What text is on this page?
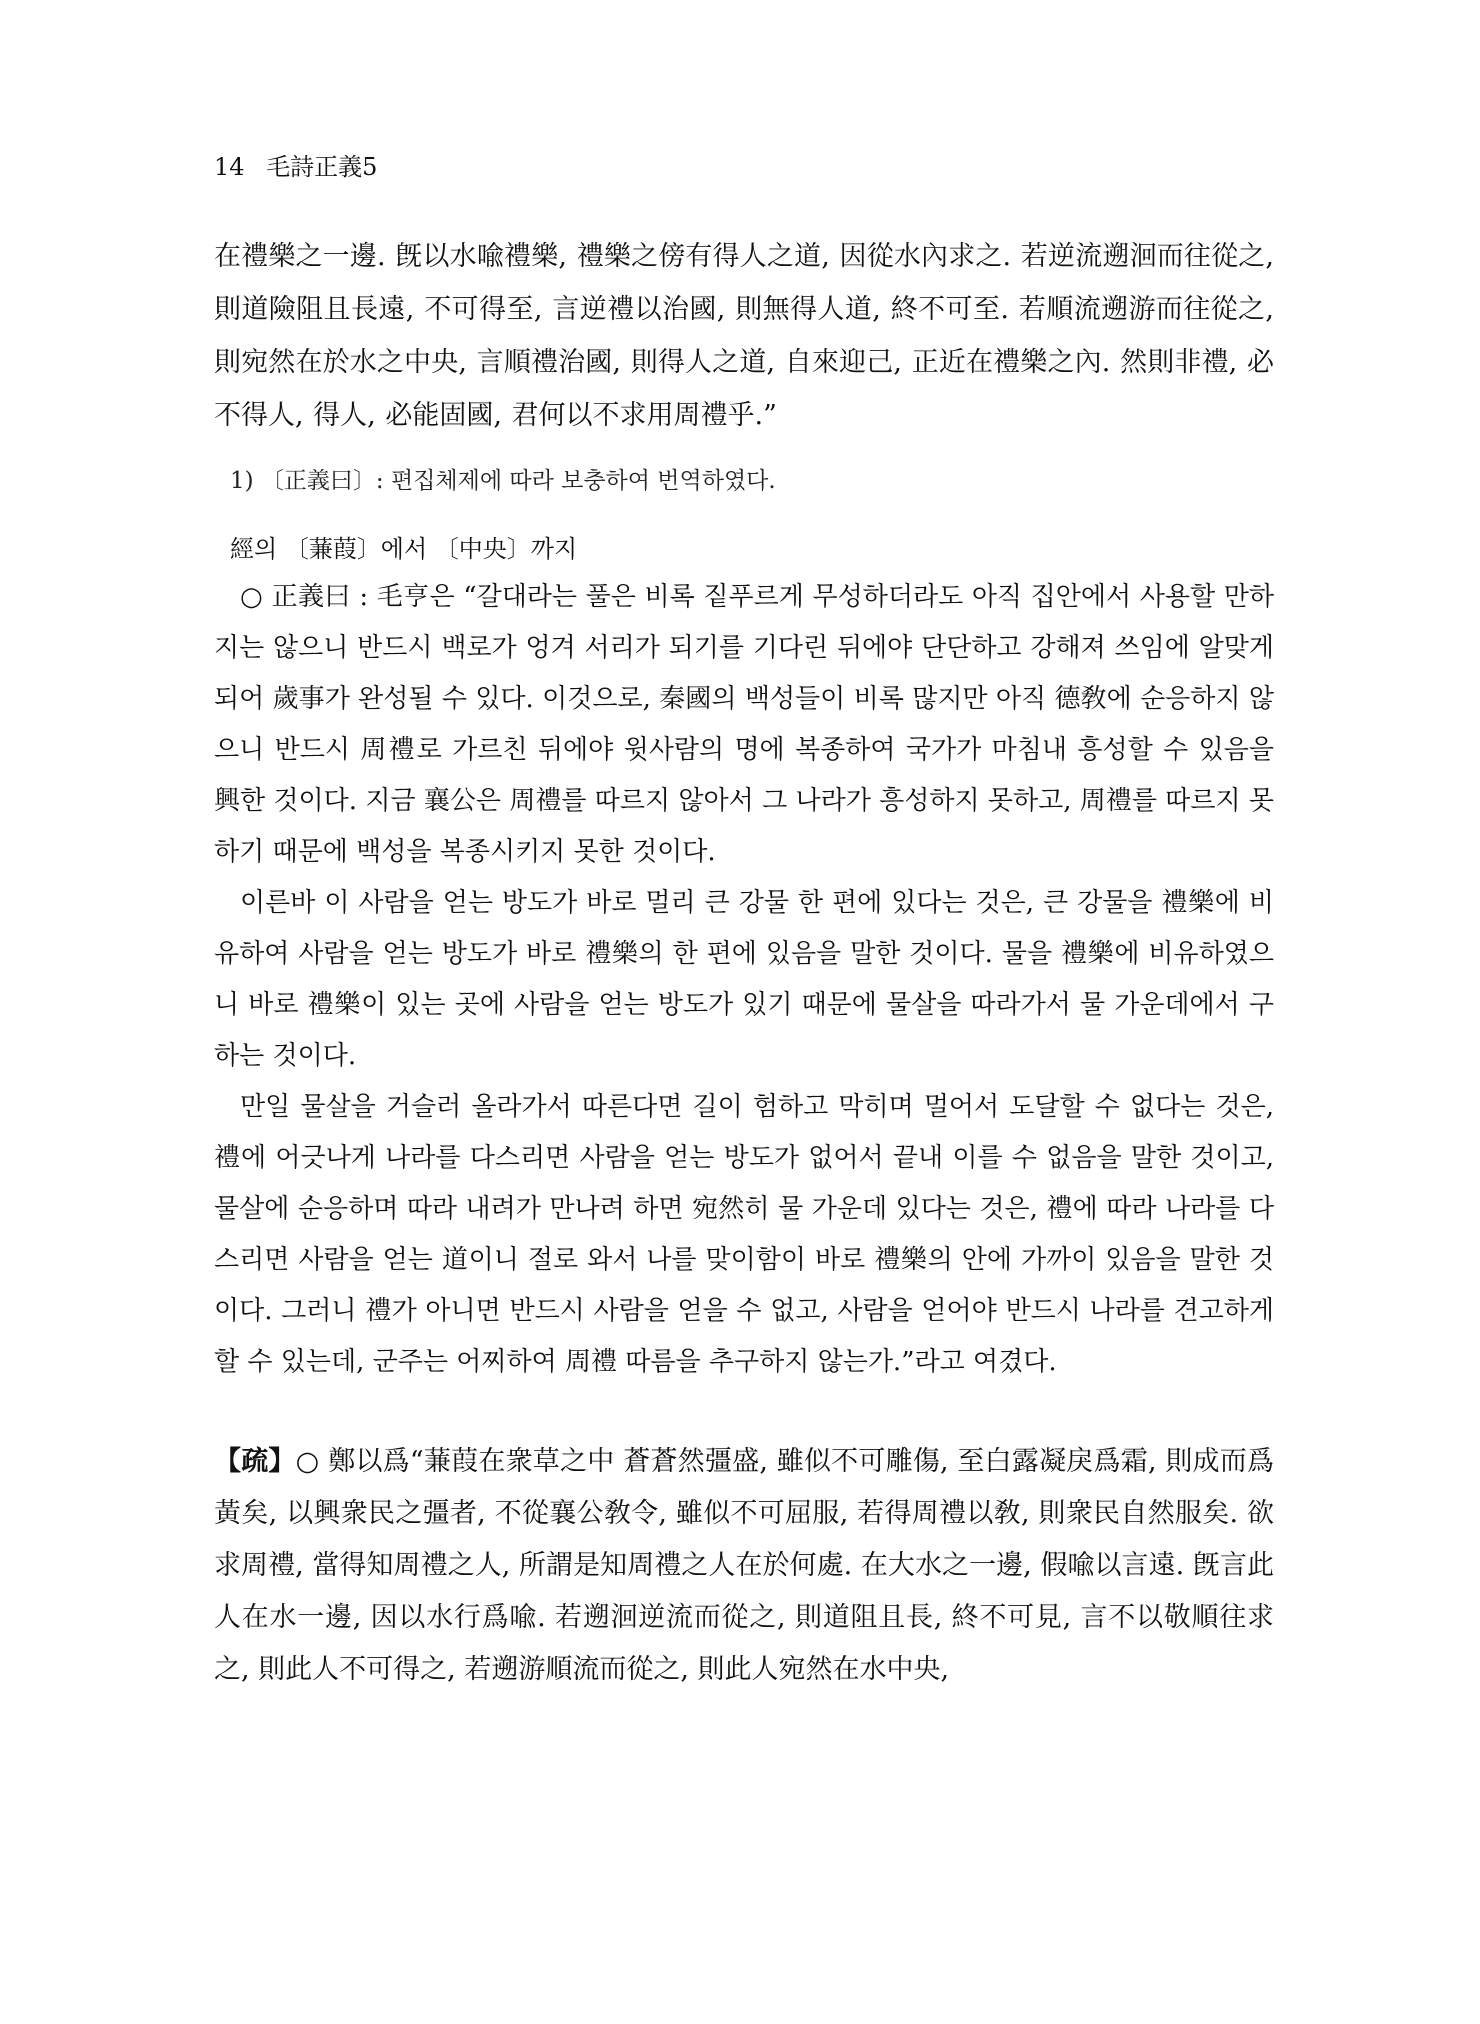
14 毛詩正義5

在禮樂之一邊. 旣以水喩禮樂, 禮樂之傍有得人之道, 因從水內求之. 若逆流遡洄而往從之, 則道險阻且長遠, 不可得至, 言逆禮以治國, 則無得人道, 終不可至. 若順流遡游而往從之, 則宛然在於水之中央, 言順禮治國, 則得人之道, 自來迎己, 正近在禮樂之內. 然則非禮, 必不得人, 得人, 必能固國, 君何以不求用周禮乎.”

1) 〔正義曰〕: 편집체제에 따라 보충하여 번역하였다.
經의 〔蒹葭〕에서 〔中央〕까지

○ 正義曰 : 毛亨은 “갈대라는 풀은 비록 짙푸르게 무성하더라도 아직 집안에서 사용할 만하지는 않으니 반드시 백로가 엉겨 서리가 되기를 기다린 뒤에야 단단하고 강해져 쓰임에 알맞게 되어 歲事가 완성될 수 있다. 이것으로, 秦國의 백성들이 비록 많지만 아직 德敎에 순응하지 않으니 반드시 周禮로 가르친 뒤에야 윗사람의 명에 복종하여 국가가 마침내 흥성할 수 있음을 興한 것이다. 지금 襄公은 周禮를 따르지 않아서 그 나라가 흥성하지 못하고, 周禮를 따르지 못하기 때문에 백성을 복종시키지 못한 것이다.

이른바 이 사람을 얻는 방도가 바로 멀리 큰 강물 한 편에 있다는 것은, 큰 강물을 禮樂에 비유하여 사람을 얻는 방도가 바로 禮樂의 한 편에 있음을 말한 것이다. 물을 禮樂에 비유하였으니 바로 禮樂이 있는 곳에 사람을 얻는 방도가 있기 때문에 물살을 따라가서 물 가운데에서 구하는 것이다.

만일 물살을 거슬러 올라가서 따른다면 길이 험하고 막히며 멀어서 도달할 수 없다는 것은, 禮에 어긋나게 나라를 다스리면 사람을 얻는 방도가 없어서 끝내 이를 수 없음을 말한 것이고, 물살에 순응하며 따라 내려가 만나려 하면 宛然히 물 가운데 있다는 것은, 禮에 따라 나라를 다스리면 사람을 얻는 道이니 절로 와서 나를 맞이함이 바로 禮樂의 안에 가까이 있음을 말한 것이다. 그러니 禮가 아니면 반드시 사람을 얻을 수 없고, 사람을 얻어야 반드시 나라를 견고하게 할 수 있는데, 군주는 어찌하여 周禮 따름을 추구하지 않는가.”라고 여겼다.

【疏】○ 鄭以爲“蒹葭在衆草之中 蒼蒼然彊盛, 雖似不可雕傷, 至白露凝戾爲霜, 則成而爲黃矣, 以興衆民之彊者, 不從襄公敎令, 雖似不可屈服, 若得周禮以敎, 則衆民自然服矣. 欲求周禮, 當得知周禮之人, 所謂是知周禮之人在於何處. 在大水之一邊, 假喩以言遠. 旣言此人在水一邊, 因以水行爲喩. 若遡洄逆流而從之, 則道阻且長, 終不可見, 言不以敬順往求之, 則此人不可得之, 若遡游順流而從之, 則此人宛然在水中央,
